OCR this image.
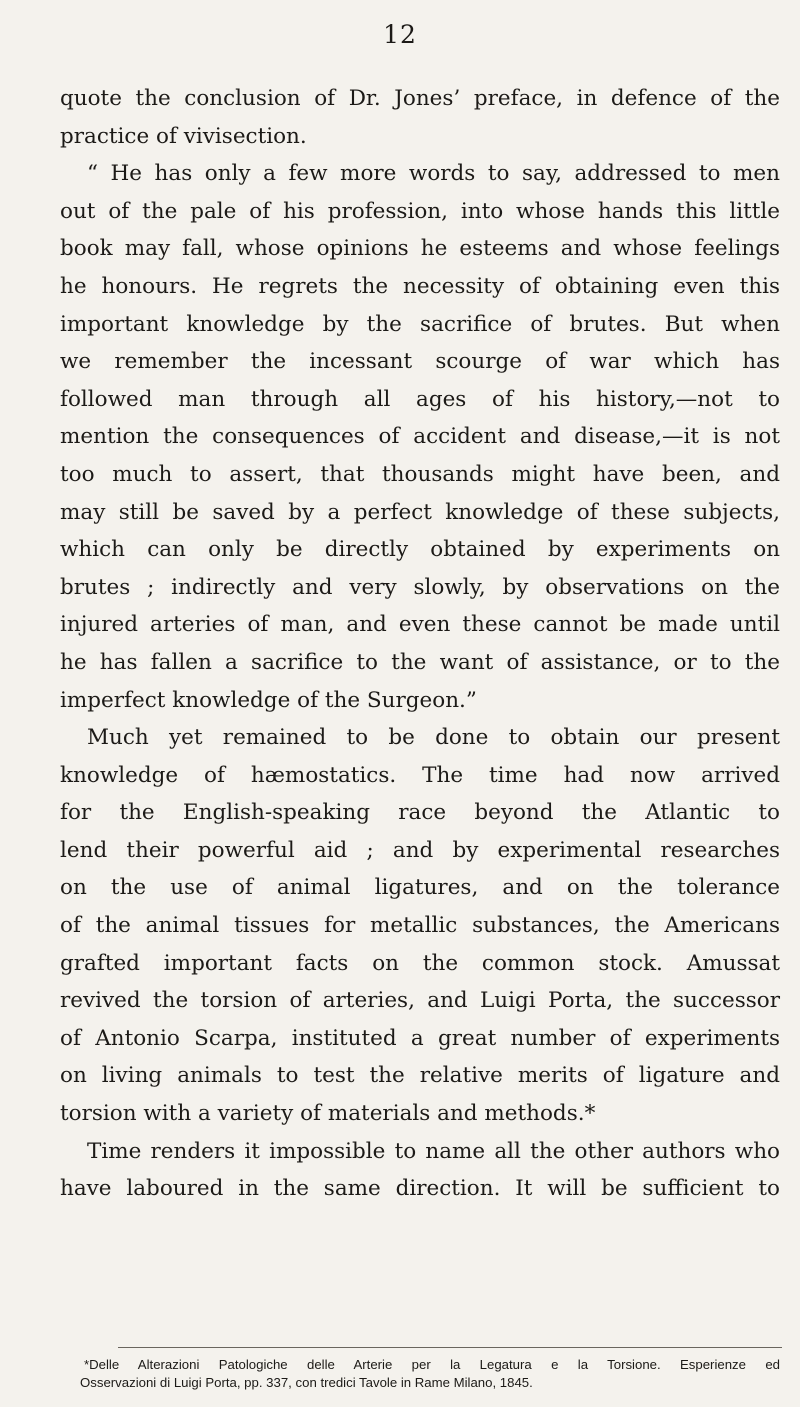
12
quote the conclusion of Dr. Jones’ preface, in defence of the
practice of vivisection.
“ He has only a few more words to say, addressed to men
out of the pale of his profession, into whose hands this little
book may fall, whose opinions he esteems and whose feelings
he honours. He regrets the necessity of obtaining even this
important knowledge by the sacrifice of brutes. But when
we remember the incessant scourge of war which has
followed man through all ages of his history,—not to
mention the consequences of accident and disease,—it is not
too much to assert, that thousands might have been, and
may still be saved by a perfect knowledge of these subjects,
which can only be directly obtained by experiments on
brutes ; indirectly and very slowly, by observations on the
injured arteries of man, and even these cannot be made until
he has fallen a sacrifice to the want of assistance, or to the
imperfect knowledge of the Surgeon.”
Much yet remained to be done to obtain our present
knowledge of hæmostatics. The time had now arrived
for the English-speaking race beyond the Atlantic to
lend their powerful aid ; and by experimental researches
on the use of animal ligatures, and on the tolerance
of the animal tissues for metallic substances, the Americans
grafted important facts on the common stock. Amussat
revived the torsion of arteries, and Luigi Porta, the successor
of Antonio Scarpa, instituted a great number of experiments
on living animals to test the relative merits of ligature and
torsion with a variety of materials and methods.*
Time renders it impossible to name all the other authors who
have laboured in the same direction. It will be sufficient to
*Delle Alterazioni Patologiche delle Arterie per la Legatura e la Torsione. Esperienze ed
Osservazioni di Luigi Porta, pp. 337, con tredici Tavole in Rame Milano, 1845.
